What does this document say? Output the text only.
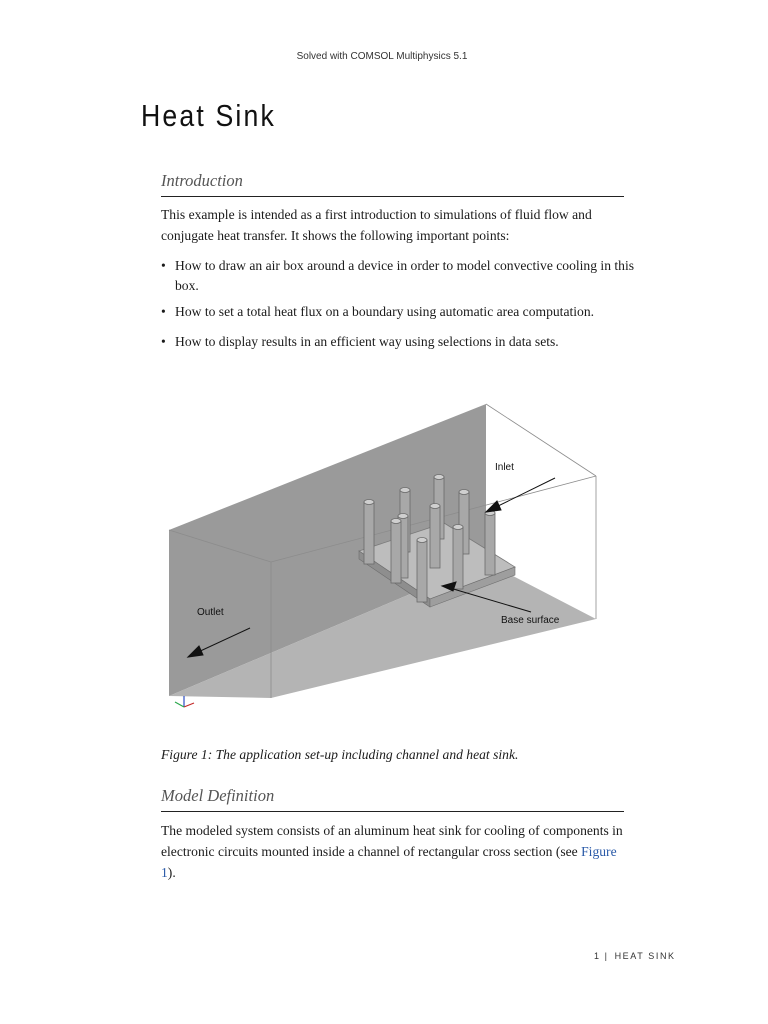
Solved with COMSOL Multiphysics 5.1
Heat Sink
Introduction

This example is intended as a first introduction to simulations of fluid flow and conjugate heat transfer. It shows the following important points:

• How to draw an air box around a device in order to model convective cooling in this box.
• How to set a total heat flux on a boundary using automatic area computation.
• How to display results in an efficient way using selections in data sets.
Inlet
Base surface
Outlet

Figure 1: The application set-up including channel and heat sink.

Model Definition

The modeled system consists of an aluminum heat sink for cooling of components in electronic circuits mounted inside a channel of rectangular cross section (see Figure 1).

1 | HEAT SINK
